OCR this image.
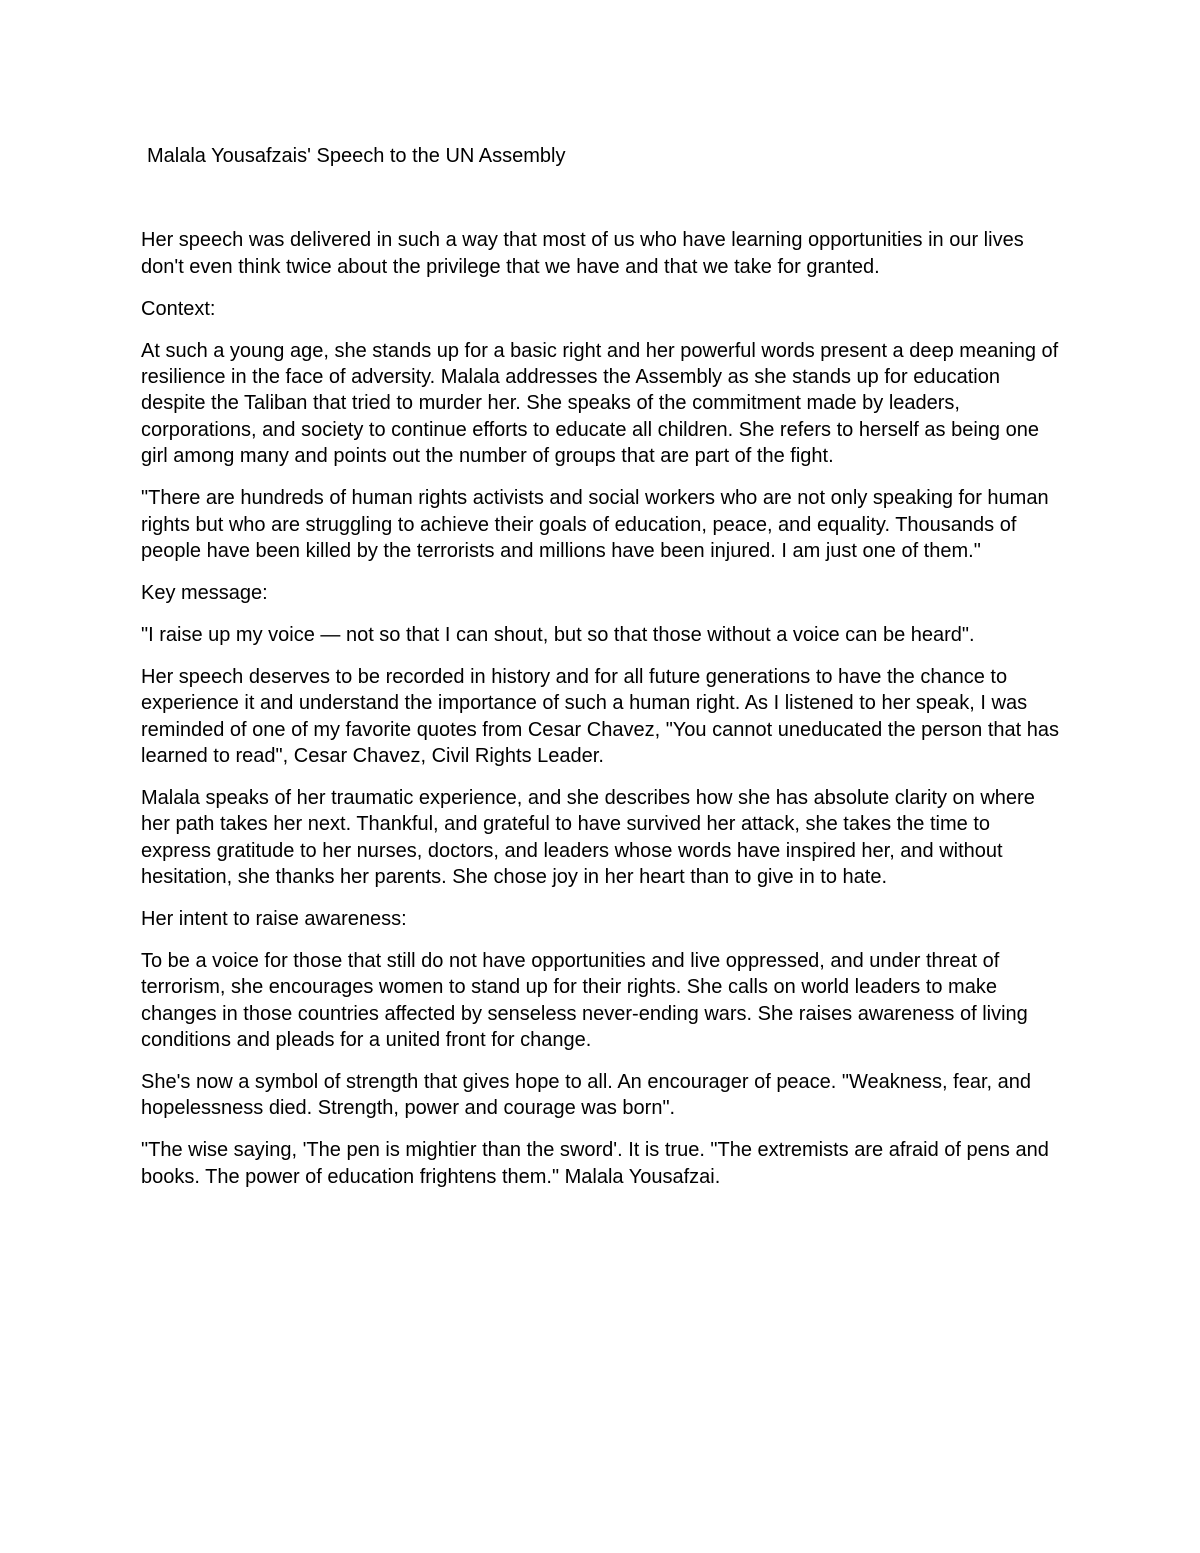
Malala Yousafzais' Speech to the UN Assembly

Her speech was delivered in such a way that most of us who have learning opportunities in our lives don't even think twice about the privilege that we have and that we take for granted.

Context:

At such a young age, she stands up for a basic right and her powerful words present a deep meaning of resilience in the face of adversity. Malala addresses the Assembly as she stands up for education despite the Taliban that tried to murder her. She speaks of the commitment made by leaders, corporations, and society to continue efforts to educate all children. She refers to herself as being one girl among many and points out the number of groups that are part of the fight.

"There are hundreds of human rights activists and social workers who are not only speaking for human rights but who are struggling to achieve their goals of education, peace, and equality. Thousands of people have been killed by the terrorists and millions have been injured. I am just one of them."

Key message:

"I raise up my voice — not so that I can shout, but so that those without a voice can be heard".

Her speech deserves to be recorded in history and for all future generations to have the chance to experience it and understand the importance of such a human right. As I listened to her speak, I was reminded of one of my favorite quotes from Cesar Chavez, "You cannot uneducated the person that has learned to read", Cesar Chavez, Civil Rights Leader.

Malala speaks of her traumatic experience, and she describes how she has absolute clarity on where her path takes her next. Thankful, and grateful to have survived her attack, she takes the time to express gratitude to her nurses, doctors, and leaders whose words have inspired her, and without hesitation, she thanks her parents. She chose joy in her heart than to give in to hate.

Her intent to raise awareness:

To be a voice for those that still do not have opportunities and live oppressed, and under threat of terrorism, she encourages women to stand up for their rights. She calls on world leaders to make changes in those countries affected by senseless never-ending wars. She raises awareness of living conditions and pleads for a united front for change.

She's now a symbol of strength that gives hope to all. An encourager of peace. "Weakness, fear, and hopelessness died. Strength, power and courage was born".

"The wise saying, 'The pen is mightier than the sword'. It is true. "The extremists are afraid of pens and books. The power of education frightens them." Malala Yousafzai.
